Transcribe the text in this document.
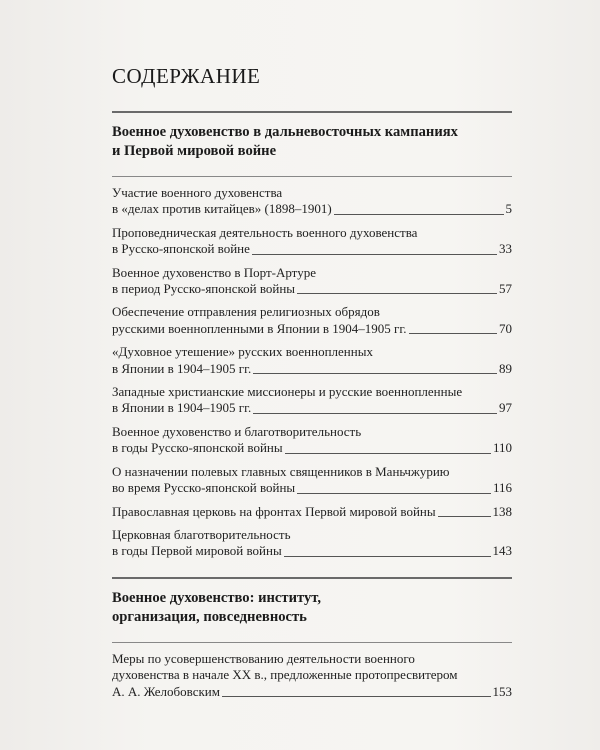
СОДЕРЖАНИЕ
Военное духовенство в дальневосточных кампаниях
и Первой мировой войне
Участие военного духовенства
в «делах против китайцев» (1898–1901)	5
Проповедническая деятельность военного духовенства
в Русско-японской войне	33
Военное духовенство в Порт-Артуре
в период Русско-японской войны	57
Обеспечение отправления религиозных обрядов
русскими военнопленными в Японии в 1904–1905 гг.	70
«Духовное утешение» русских военнопленных
в Японии в 1904–1905 гг.	89
Западные христианские миссионеры и русские военнопленные
в Японии в 1904–1905 гг.	97
Военное духовенство и благотворительность
в годы Русско-японской войны	110
О назначении полевых главных священников в Маньчжурию
во время Русско-японской войны	116
Православная церковь на фронтах Первой мировой войны	138
Церковная благотворительность
в годы Первой мировой войны	143
Военное духовенство: институт,
организация, повседневность
Меры по усовершенствованию деятельности военного
духовенства в начале XX в., предложенные протопресвитером
А. А. Желобовским	153
